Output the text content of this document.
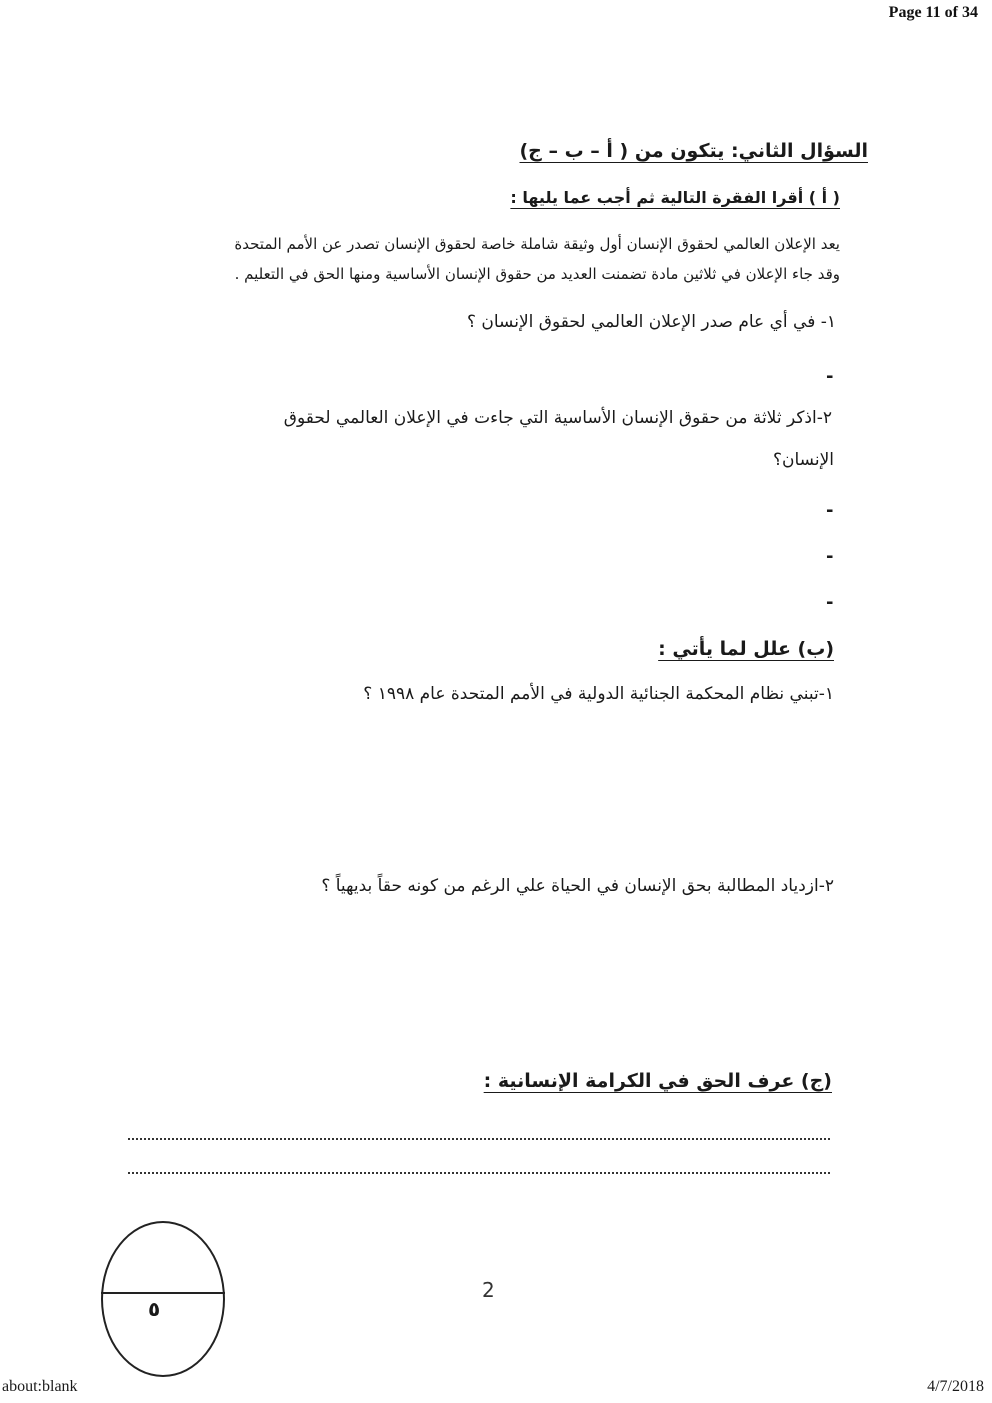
Page 11 of 34
السؤال الثاني: يتكون من ( أ – ب – ج)
( أ ) أقرا الفقرة التالية ثم أجب عما يليها :
يعد الإعلان العالمي لحقوق الإنسان أول وثيقة شاملة خاصة لحقوق الإنسان تصدر عن الأمم المتحدة
وقد جاء الإعلان في ثلاثين مادة تضمنت العديد من حقوق الإنسان الأساسية ومنها الحق في التعليم .
١- في أي عام صدر الإعلان العالمي لحقوق الإنسان ؟
-
٢-اذكر ثلاثة من حقوق الإنسان الأساسية التي جاءت في الإعلان العالمي لحقوق
الإنسان؟
-
-
-
(ب) علل لما يأتي :
١-تبني نظام المحكمة الجنائية الدولية في الأمم المتحدة عام ١٩٩٨ ؟
٢-ازدياد المطالبة بحق الإنسان في الحياة علي الرغم من كونه حقاً بديهياً ؟
(ج) عرف الحق في الكرامة الإنسانية :
٥
2
about:blank	4/7/2018
